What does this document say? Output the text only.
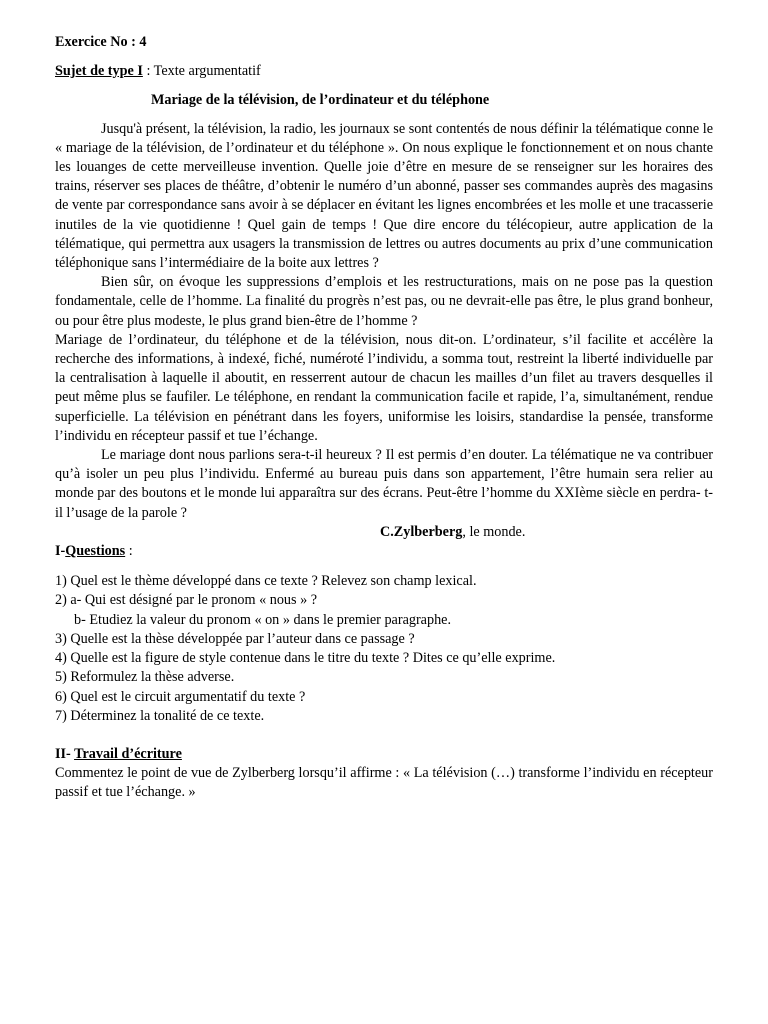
Exercice No : 4

Sujet de type I : Texte argumentatif

Mariage de la télévision, de l’ordinateur et du téléphone

Jusqu'à présent, la télévision, la radio, les journaux se sont contentés de nous définir la télématique conne le « mariage de la télévision, de l’ordinateur et du téléphone ». On nous explique le fonctionnement et on nous chante les louanges de cette merveilleuse invention. Quelle joie d’être en mesure de se renseigner sur les horaires des trains, réserver ses places de théâtre, d’obtenir le numéro d’un abonné, passer ses commandes auprès des magasins de vente par correspondance sans avoir à se déplacer en évitant les lignes encombrées et les molle et une tracasserie inutiles de la vie quotidienne ! Quel gain de temps ! Que dire encore du télécopieur, autre application de la télématique, qui permettra aux usagers la transmission de lettres ou autres documents au prix d’une communication téléphonique sans l’intermédiaire de la boite aux lettres ?

Bien sûr, on évoque les suppressions d’emplois et les restructurations, mais on ne pose pas la question fondamentale, celle de l’homme. La finalité du progrès n’est pas, ou ne devrait-elle pas être, le plus grand bonheur, ou pour être plus modeste, le plus grand bien-être de l’homme ?

Mariage de l’ordinateur, du téléphone et de la télévision, nous dit-on. L’ordinateur, s’il facilite et accélère la recherche des informations, à indexé, fiché, numéroté l’individu, a somma tout, restreint la liberté individuelle par la centralisation à laquelle il aboutit, en resserrent autour de chacun les mailles d’un filet au travers desquelles il peut même plus se faufiler. Le téléphone, en rendant la communication facile et rapide, l’a, simultanément, rendue superficielle. La télévision en pénétrant dans les foyers, uniformise les loisirs, standardise la pensée, transforme l’individu en récepteur passif et tue l’échange.

Le mariage dont nous parlions sera-t-il heureux ? Il est permis d’en douter. La télématique ne va contribuer qu’à isoler un peu plus l’individu. Enfermé au bureau puis dans son appartement, l’être humain sera relier au monde par des boutons et le monde lui apparaîtra sur des écrans. Peut-être l’homme du XXIème siècle en perdra- t-il l’usage de la parole ?

C.Zylberberg, le monde.

I-Questions :

1) Quel est le thème développé dans ce texte ? Relevez son champ lexical.

2) a- Qui est désigné par le pronom « nous » ?

b- Etudiez la valeur du pronom « on » dans le premier paragraphe.

3) Quelle est la thèse développée par l’auteur dans ce passage ?

4) Quelle est la figure de style contenue dans le titre du texte ? Dites ce qu’elle exprime.

5) Reformulez la thèse adverse.

6) Quel est le circuit argumentatif du texte ?

7) Déterminez la tonalité de ce texte.

II- Travail d’écriture

Commentez le point de vue de Zylberberg lorsqu’il affirme : « La télévision (…) transforme l’individu en récepteur passif et tue l’échange. »
